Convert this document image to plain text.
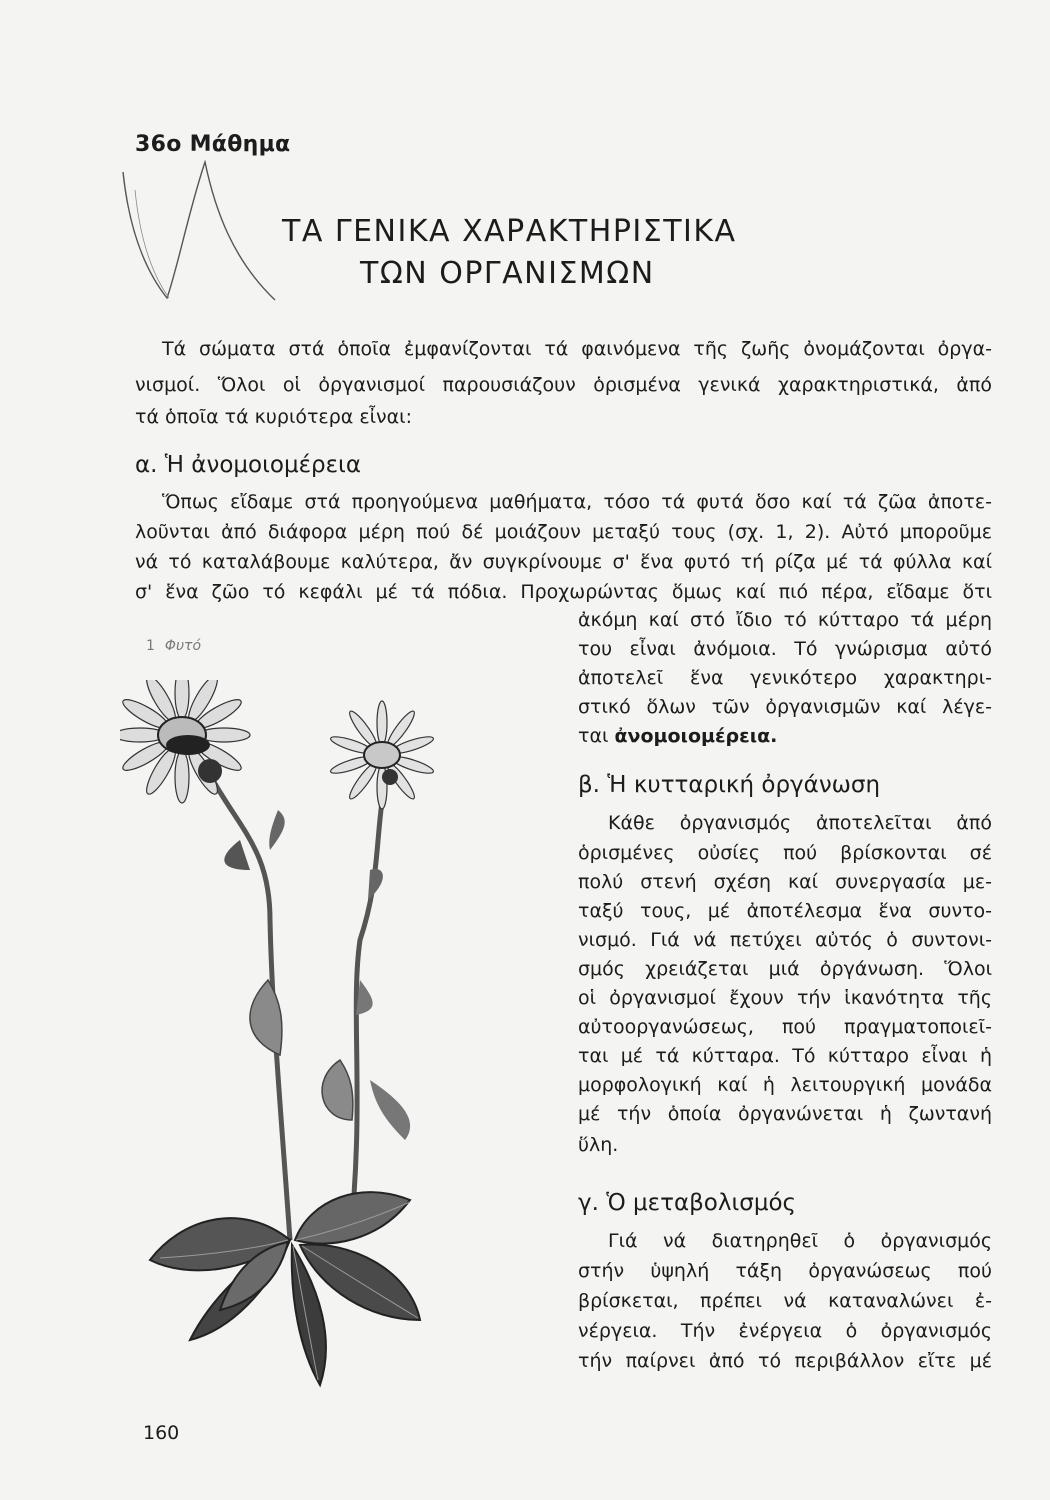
36o Μάθημα
ΤΑ ΓΕΝΙΚΑ ΧΑΡΑΚΤΗΡΙΣΤΙΚΑ
ΤΩΝ ΟΡΓΑΝΙΣΜΩΝ
Τά σώματα στά ὁποῖα ἐμφανίζονται τά φαινόμενα τῆς ζωῆς ὀνομάζονται ὀργα-
νισμοί. Ὅλοι οἱ ὀργανισμοί παρουσιάζουν ὁρισμένα γενικά χαρακτηριστικά, ἀπό
τά ὁποῖα τά κυριότερα εἶναι:
α. Ἡ ἀνομοιομέρεια
Ὅπως εἴδαμε στά προηγούμενα μαθήματα, τόσο τά φυτά ὅσο καί τά ζῶα ἀποτε-
λοῦνται ἀπό διάφορα μέρη πού δέ μοιάζουν μεταξύ τους (σχ. 1, 2). Αὐτό μποροῦμε
νά τό καταλάβουμε καλύτερα, ἄν συγκρίνουμε σ' ἕνα φυτό τή ρίζα μέ τά φύλλα καί
σ' ἕνα ζῶο τό κεφάλι μέ τά πόδια. Προχωρώντας ὅμως καί πιό πέρα, εἴδαμε ὅτι
ἀκόμη καί στό ἴδιο τό κύτταρο τά μέρη
του εἶναι ἀνόμοια. Τό γνώρισμα αὐτό
ἀποτελεῖ ἕνα γενικότερο χαρακτηρι-
στικό ὅλων τῶν ὀργανισμῶν καί λέγε-
ται ἀνομοιομέρεια.
1 Φυτό
β. Ἡ κυτταρική ὀργάνωση
Κάθε ὀργανισμός ἀποτελεῖται ἀπό
ὁρισμένες οὐσίες πού βρίσκονται σέ
πολύ στενή σχέση καί συνεργασία με-
ταξύ τους, μέ ἀποτέλεσμα ἕνα συντο-
νισμό. Γιά νά πετύχει αὐτός ὁ συντονι-
σμός χρειάζεται μιά ὀργάνωση. Ὅλοι
οἱ ὀργανισμοί ἔχουν τήν ἱκανότητα τῆς
αὐτοοργανώσεως, πού πραγματοποιεῖ-
ται μέ τά κύτταρα. Τό κύτταρο εἶναι ἡ
μορφολογική καί ἡ λειτουργική μονάδα
μέ τήν ὁποία ὀργανώνεται ἡ ζωντανή
ὕλη.
γ. Ὁ μεταβολισμός
Γιά νά διατηρηθεῖ ὁ ὀργανισμός
στήν ὑψηλή τάξη ὀργανώσεως πού
βρίσκεται, πρέπει νά καταναλώνει ἐ-
νέργεια. Τήν ἐνέργεια ὁ ὀργανισμός
τήν παίρνει ἀπό τό περιβάλλον εἴτε μέ
160
